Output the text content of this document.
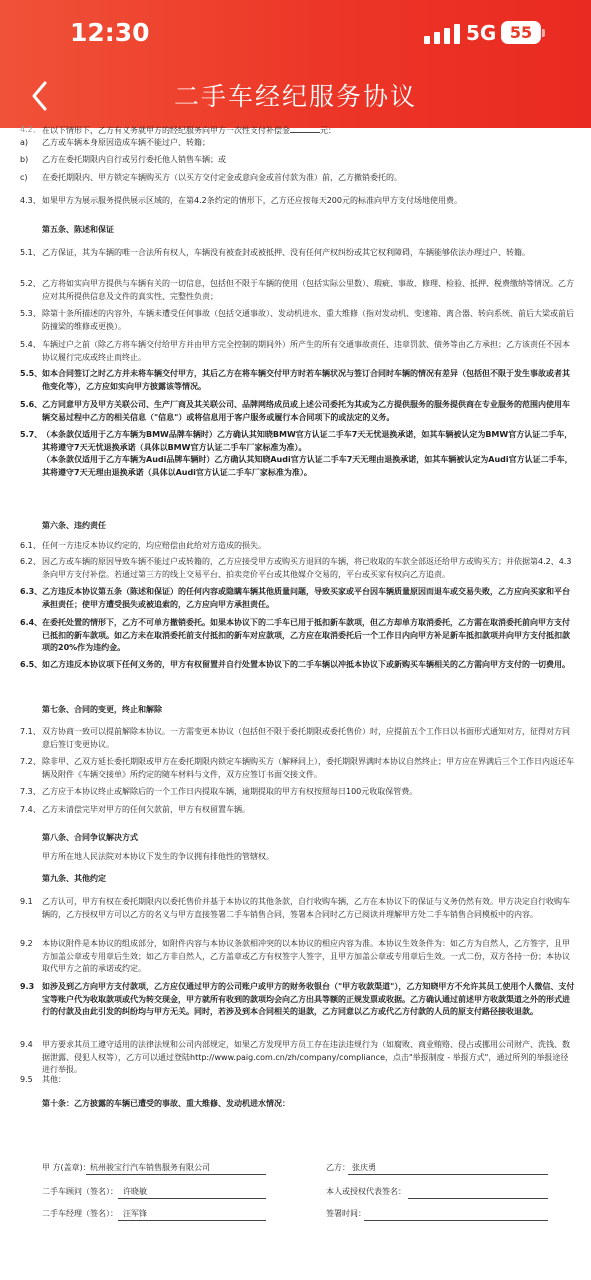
12:30	5G 55
二手车经纪服务协议
4.2、 在以下情形下，乙方有义务就甲方的经纪服务向甲方一次性支付补偿金	元：
a) 乙方或车辆本身原因造成车辆不能过户、转籍；
b) 乙方在委托期限内自行或另行委托他人销售车辆；或
c) 在委托期限内、甲方锁定车辆购买方（以买方交付定金或意向金或首付款为准）前，乙方撤销委托的。
4.3、 如果甲方为展示服务提供展示区域的，在第4.2条约定的情形下，乙方还应按每天200元的标准向甲方支付场地使用费。
第五条、陈述和保证
5.1、 乙方保证，其为车辆的唯一合法所有权人，车辆没有被查封或被抵押、没有任何产权纠纷或其它权利障碍，车辆能够依法办理过户、转籍。
5.2、 乙方将如实向甲方提供与车辆有关的一切信息，包括但不限于车辆的使用（包括实际公里数）、瑕疵、事故、修理、检验、抵押、税费缴纳等情况。乙方应对其所提供信息及文件的真实性、完整性负责；
5.3、 除第十条所描述的内容外，车辆未遭受任何事故（包括交通事故）、发动机进水、重大维修（指对发动机、变速箱、离合器、转向系统、前后大梁或前后防撞梁的维修或更换）。
5.4、 车辆过户之前（除乙方将车辆交付给甲方并由甲方完全控制的期间外）所产生的所有交通事故责任、违章罚款、债务等由乙方承担；乙方该责任不因本协议履行完成或终止而终止。
5.5、 如本合同签订之时乙方并未将车辆交付甲方，其后乙方在将车辆交付甲方时若车辆状况与签订合同时车辆的情况有差异（包括但不限于发生事故或者其他变化等），乙方应如实向甲方披露该等情况。
5.6、 乙方同意甲方及甲方关联公司、生产厂商及其关联公司、品牌网络成员或上述公司委托为其或为乙方提供服务的服务提供商在专业服务的范围内使用车辆交易过程中乙方的相关信息（"信息"）或将信息用于客户服务或履行本合同项下的或法定的义务。
5.7、 （本条款仅适用于乙方车辆为BMW品牌车辆时）乙方确认其知晓BMW官方认证二手车7天无忧退换承诺，如其车辆被认定为BMW官方认证二手车，其将遵守7天无忧退换承诺（具体以BMW官方认证二手车厂家标准为准）。
（本条款仅适用于乙方车辆为Audi品牌车辆时）乙方确认其知晓Audi官方认证二手车7天无理由退换承诺，如其车辆被认定为Audi官方认证二手车，其将遵守7天无理由退换承诺（具体以Audi官方认证二手车厂家标准为准）。
第六条、违约责任
6.1、 任何一方违反本协议约定的，均应赔偿由此给对方造成的损失。
6.2、 因乙方或车辆的原因导致车辆不能过户或转籍的，乙方应接受甲方或购买方退回的车辆，将已收取的车款全部返还给甲方或购买方；并依据第4.2、4.3条向甲方支付补偿。若通过第三方的线上交易平台、拍卖竞价平台或其他媒介交易的，平台或买家有权向乙方追责。
6.3、 乙方违反本协议第五条（陈述和保证）的任何内容或隐瞒车辆其他质量问题，导致买家或平台因车辆质量原因而退车或交易失败，乙方应向买家和平台承担责任；使甲方遭受损失或被追索的，乙方应向甲方承担责任。
6.4、 在委托处置的情形下，乙方不可单方撤销委托。如果本协议下的二手车已用于抵扣新车款项，但乙方却单方取消委托，乙方需在取消委托前向甲方支付已抵扣的新车款项。如乙方未在取消委托前支付抵扣的新车对应款项，乙方应在取消委托后一个工作日内向甲方补足新车抵扣款项并向甲方支付抵扣款项的20%作为违约金。
6.5、 如乙方违反本协议项下任何义务的，甲方有权留置并自行处置本协议下的二手车辆以冲抵本协议下或新购买车辆相关的乙方需向甲方支付的一切费用。
第七条、合同的变更，终止和解除
7.1、 双方协商一致可以提前解除本协议。一方需变更本协议（包括但不限于委托期限或委托售价）时，应提前五个工作日以书面形式通知对方，征得对方同意后签订变更协议。
7.2、 除非甲、乙双方延长委托期限或甲方在委托期限内锁定车辆购买方（解释同上），委托期限界满时本协议自然终止；甲方应在界满后三个工作日内返还车辆及附件《车辆交接单》所约定的随车材料与文件，双方应签订书面交接文件。
7.3、 乙方应于本协议终止或解除后的一个工作日内提取车辆，逾期提取的甲方有权按照每日100元收取保管费。
7.4、 乙方未清偿完毕对甲方的任何欠款前，甲方有权留置车辆。
第八条、合同争议解决方式
甲方所在地人民法院对本协议下发生的争议拥有排他性的管辖权。
第九条、其他约定
9.1 乙方认可，甲方有权在委托期限内以委托售价并基于本协议的其他条款，自行收购车辆，乙方在本协议下的保证与义务仍然有效。甲方决定自行收购车辆的，乙方授权甲方可以乙方的名义与甲方直接签署二手车销售合同，签署本合同时乙方已阅读并理解甲方处二手车销售合同模板中的内容。
9.2 本协议附件是本协议的组成部分，如附件内容与本协议条款相冲突的以本协议的相应内容为准。本协议生效条件为：如乙方为自然人，乙方签字，且甲方加盖公章或专用章后生效；如乙方非自然人，乙方盖章或乙方有权签字人签字，且甲方加盖公章或专用章后生效。一式二份，双方各持一份；本协议取代甲方之前的承诺或约定。
9.3 如涉及到乙方向甲方支付款项，乙方应仅通过甲方的公司账户或甲方的财务收银台（"甲方收款渠道"），乙方知晓甲方不允许其员工使用个人微信、支付宝等账户代为收取款项或代为转交现金，甲方就所有收到的款项均会向乙方出具等额的正规发票或收据。乙方确认通过前述甲方收款渠道之外的形式进行的付款及由此引发的纠纷均与甲方无关。同时，若涉及到本合同相关的退款，乙方同意以乙方或代乙方付款的人员的原支付路径接收退款。
9.4 甲方要求其员工遵守适用的法律法规和公司内部规定，如果乙方发现甲方员工存在违法违规行为（如腐败、商业贿赂、侵占或挪用公司财产、洗钱、数据泄露、侵犯人权等），乙方可以通过登陆http://www.paig.com.cn/zh/company/compliance，点击"举报制度 - 举报方式"，通过所列的举报途径进行举报。
9.5 其他：
第十条：乙方披露的车辆已遭受的事故、重大维修、发动机进水情况：
甲 方(盖章)： 杭州骏宝行汽车销售服务有限公司	乙方： 张庆勇
二手车顾问（签名）： 许晓敏	本人或授权代表签名：
二手车经理（签名）： 汪军锋	签署时间：
